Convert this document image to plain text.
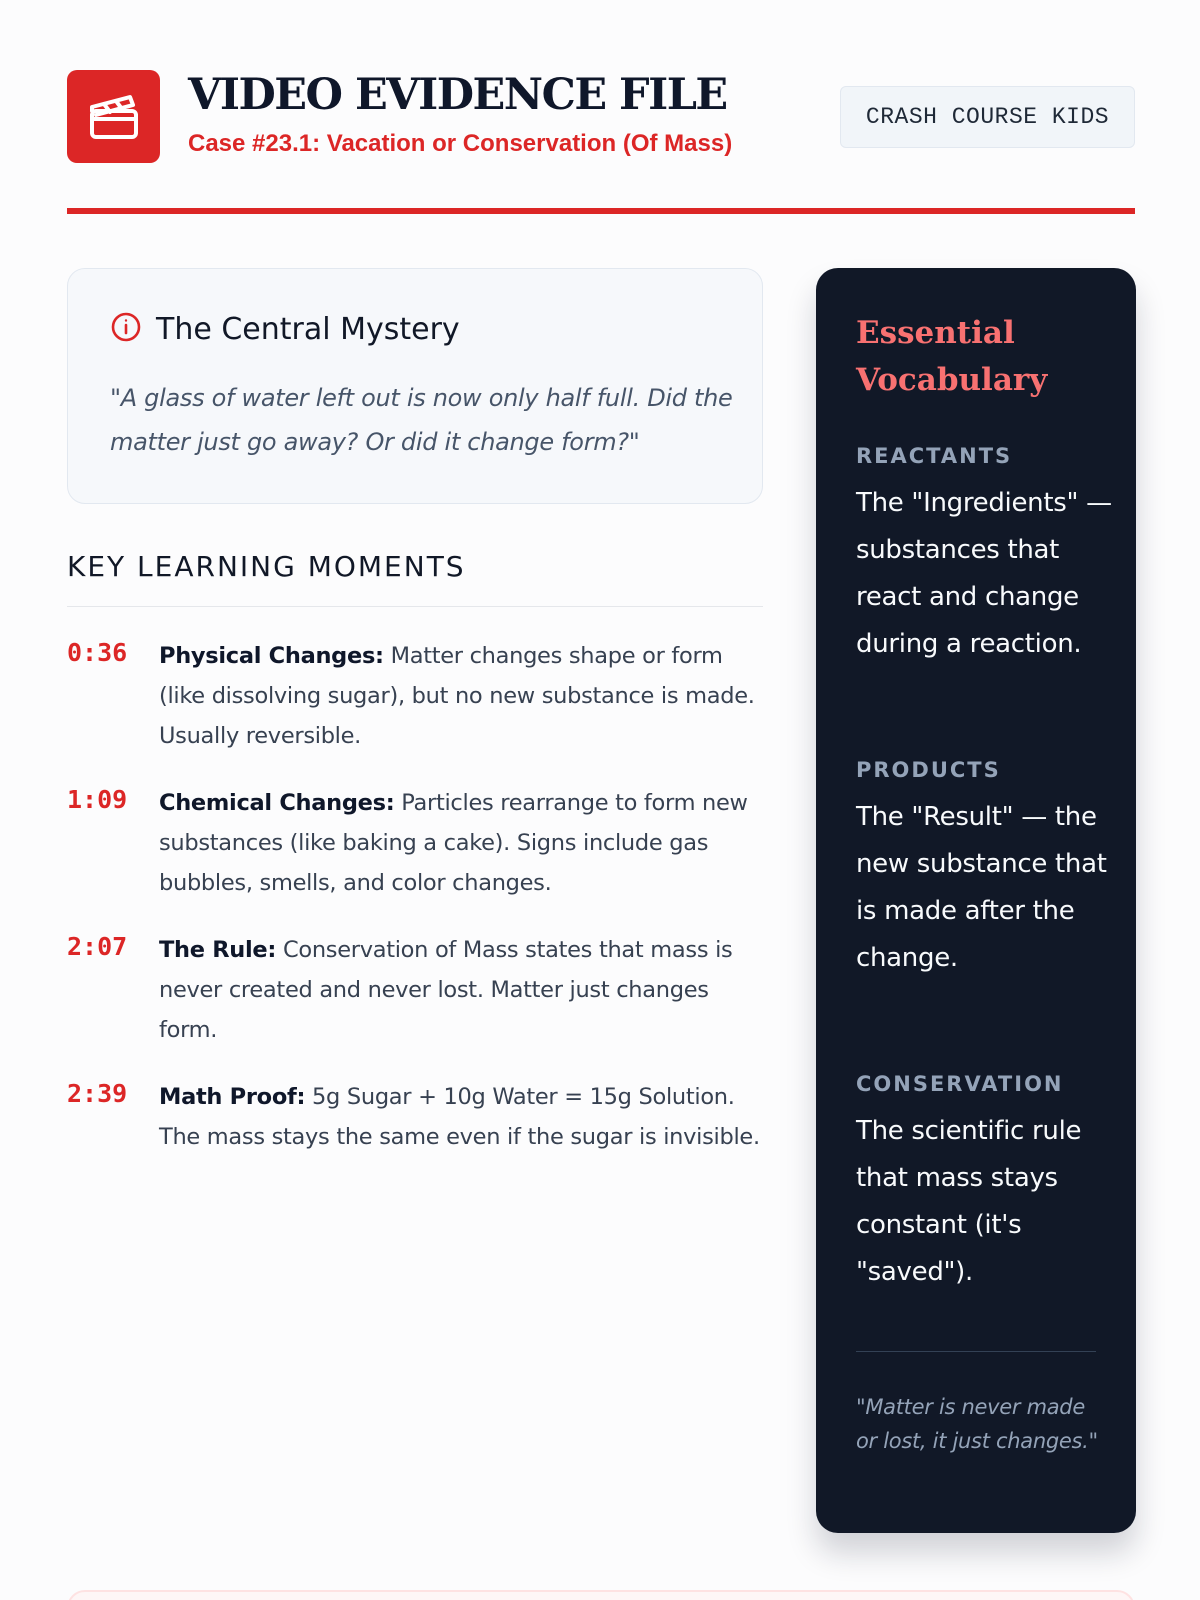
VIDEO EVIDENCE FILE
Case #23.1: Vacation or Conservation (Of Mass)
CRASH COURSE KIDS
The Central Mystery
"A glass of water left out is now only half full. Did the matter just go away? Or did it change form?"
KEY LEARNING MOMENTS
0:36 Physical Changes: Matter changes shape or form (like dissolving sugar), but no new substance is made. Usually reversible.
1:09 Chemical Changes: Particles rearrange to form new substances (like baking a cake). Signs include gas bubbles, smells, and color changes.
2:07 The Rule: Conservation of Mass states that mass is never created and never lost. Matter just changes form.
2:39 Math Proof: 5g Sugar + 10g Water = 15g Solution. The mass stays the same even if the sugar is invisible.
Essential Vocabulary
REACTANTS
The "Ingredients" — substances that react and change during a reaction.
PRODUCTS
The "Result" — the new substance that is made after the change.
CONSERVATION
The scientific rule that mass stays constant (it's "saved").
"Matter is never made or lost, it just changes."
